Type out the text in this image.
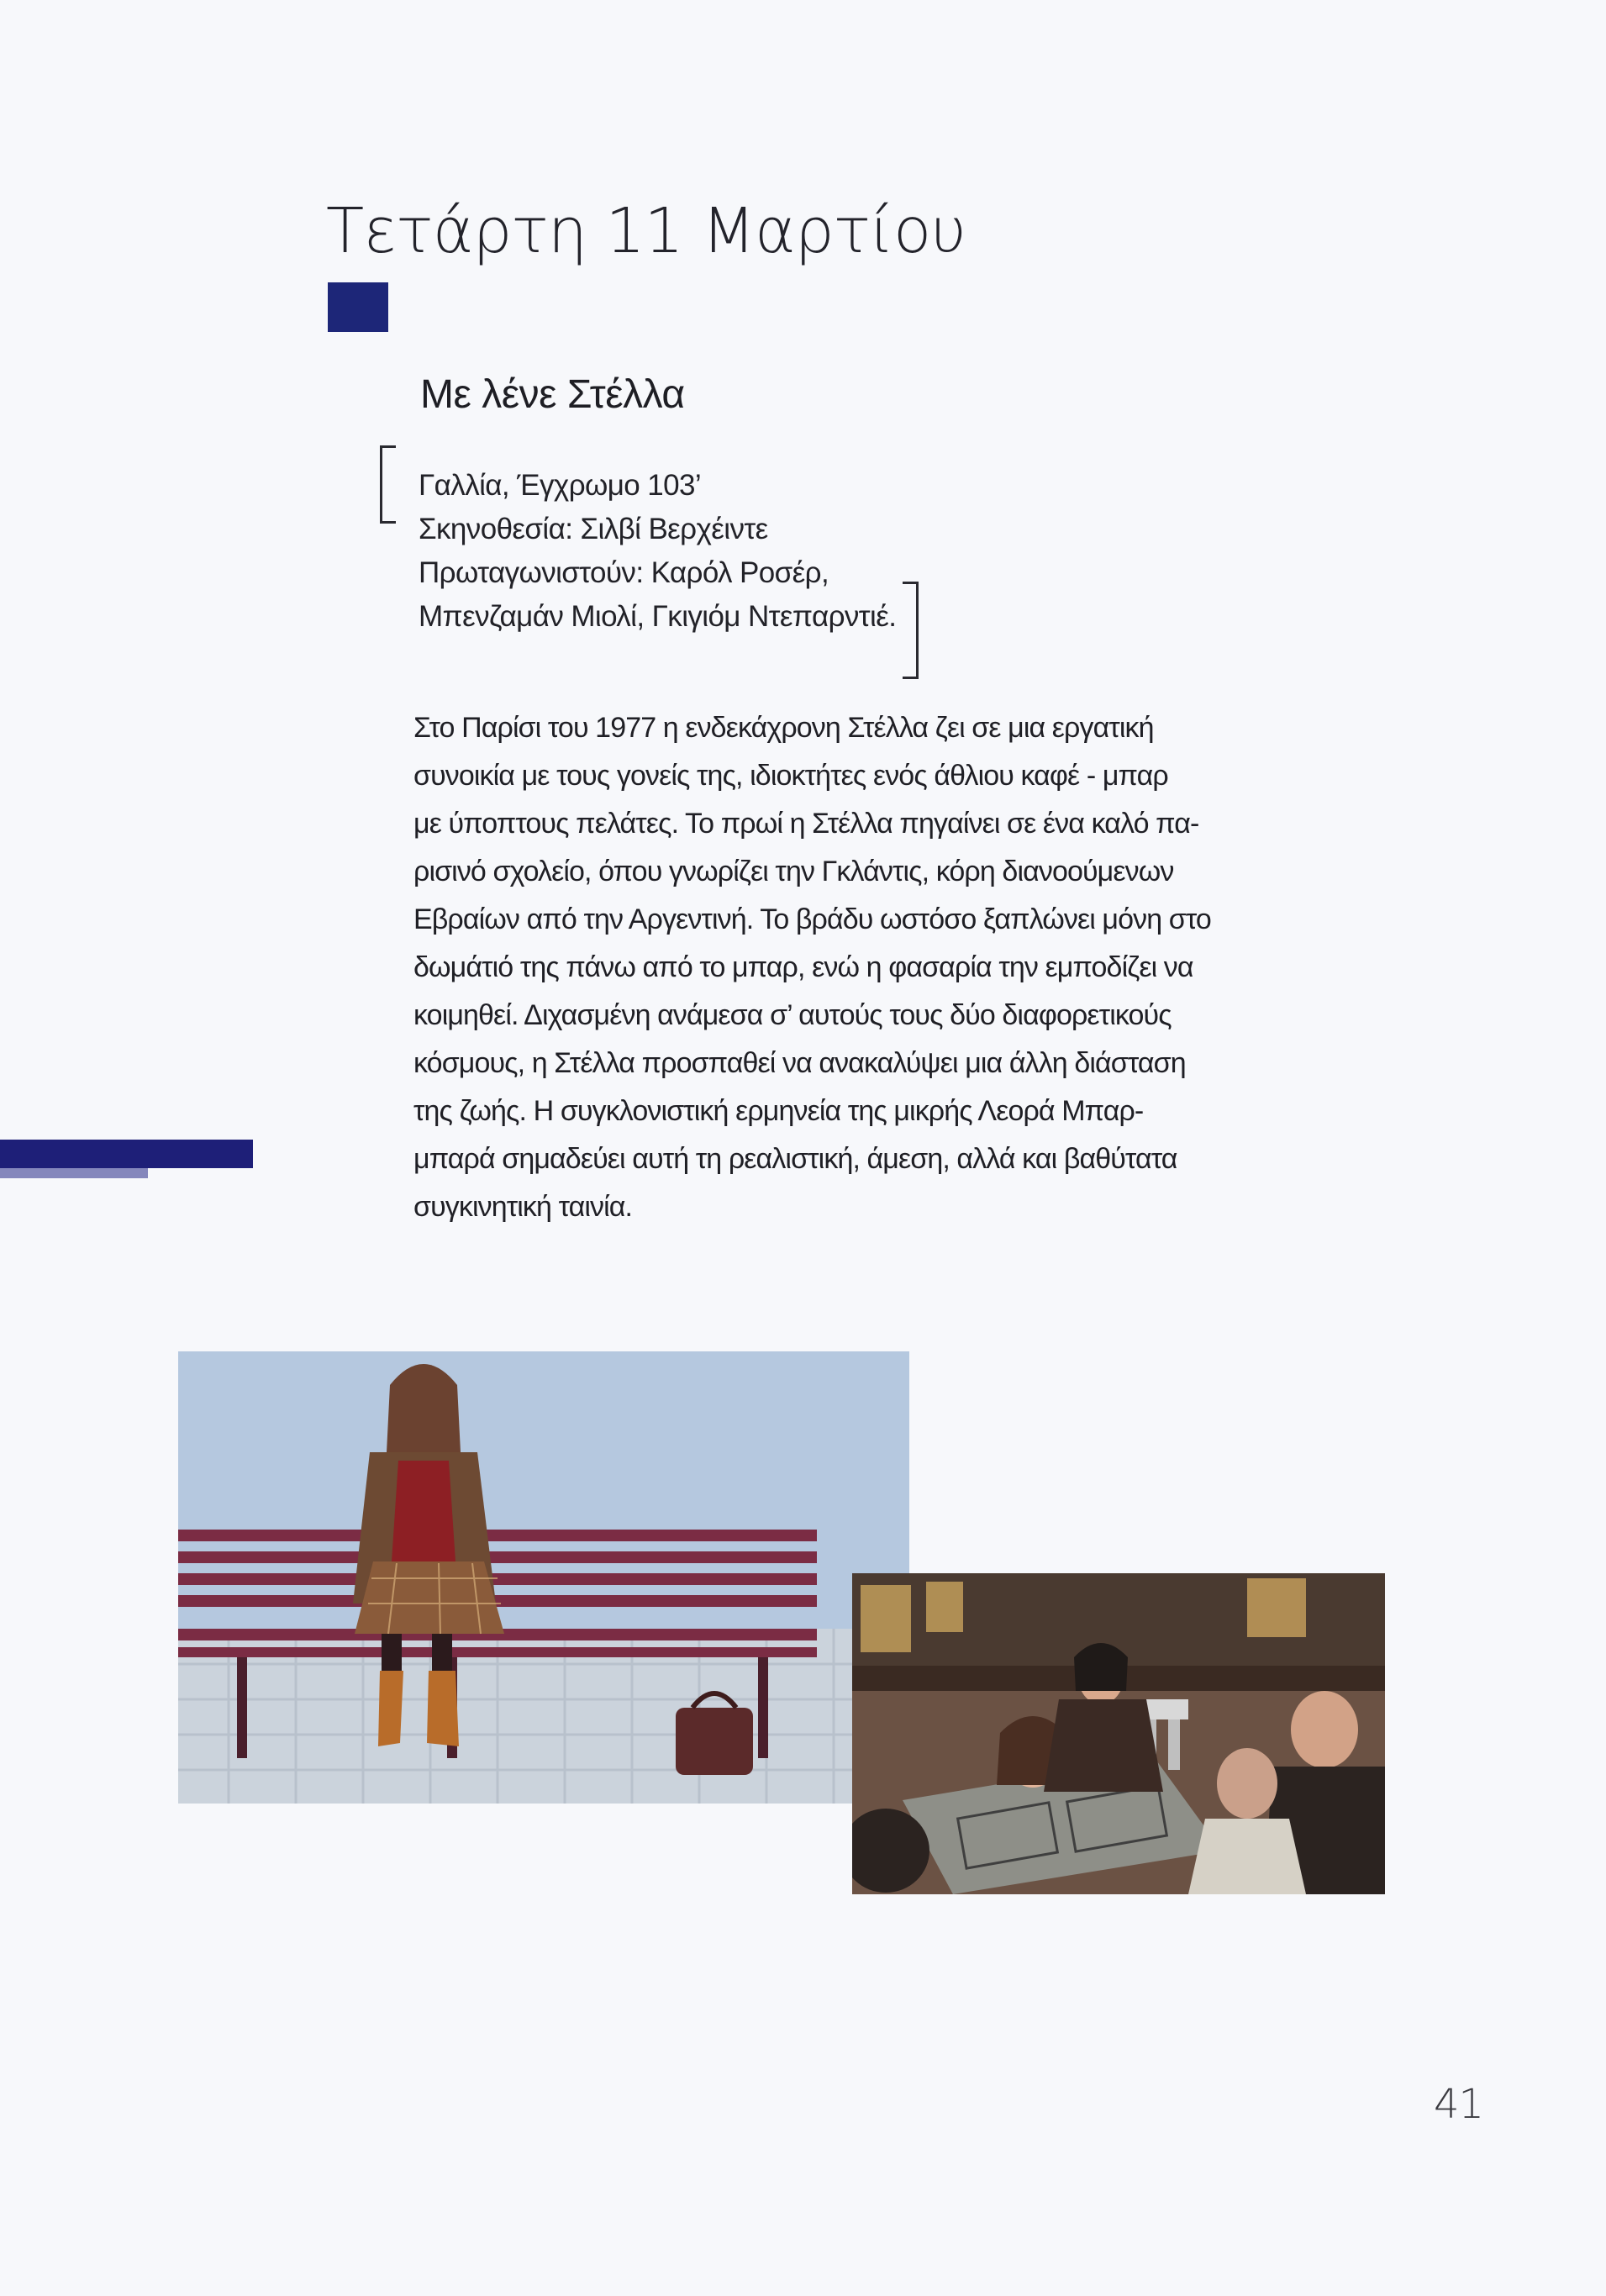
Τετάρτη 11 Μαρτίου
Με λένε Στέλλα
Γαλλία, Έγχρωμο 103’
Σκηνοθεσία: Σιλβί Βερχέιντε
Πρωταγωνιστούν: Καρόλ Ροσέρ,
Μπενζαμάν Μιολί, Γκιγιόμ Ντεπαρντιέ.
Στο Παρίσι του 1977 η ενδεκάχρονη Στέλλα ζει σε μια εργατική
συνοικία με τους γονείς της, ιδιοκτήτες ενός άθλιου καφέ - μπαρ
με ύποπτους πελάτες. Το πρωί η Στέλλα πηγαίνει σε ένα καλό πα-
ρισινό σχολείο, όπου γνωρίζει την Γκλάντις, κόρη διανοούμενων
Εβραίων από την Αργεντινή. Το βράδυ ωστόσο ξαπλώνει μόνη στο
δωμάτιό της πάνω από το μπαρ, ενώ η φασαρία την εμποδίζει να
κοιμηθεί. Διχασμένη ανάμεσα σ’ αυτούς τους δύο διαφορετικούς
κόσμους, η Στέλλα προσπαθεί να ανακαλύψει μια άλλη διάσταση
της ζωής. Η συγκλονιστική ερμηνεία της μικρής Λεορά Μπαρ-
μπαρά σημαδεύει αυτή τη ρεαλιστική, άμεση, αλλά και βαθύτατα
συγκινητική ταινία.
41
